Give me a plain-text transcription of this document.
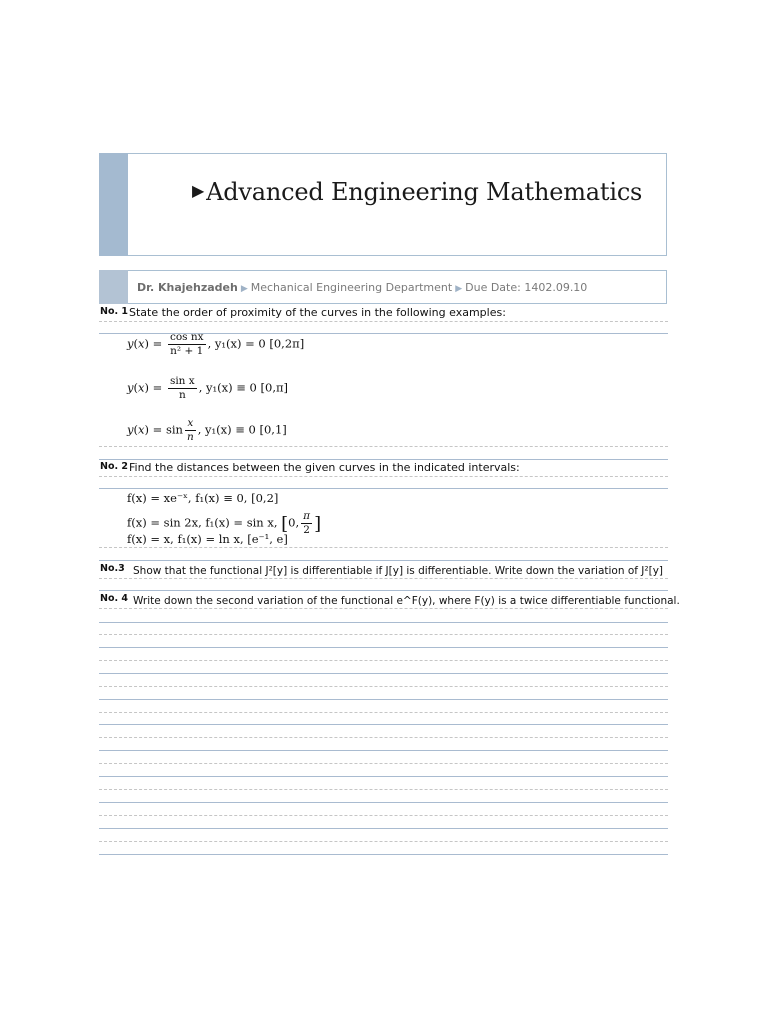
▶Advanced Engineering Mathematics
Dr. Khajehzadeh ▶ Mechanical Engineering Department ▶ Due Date: 1402.09.10
No. 1 State the order of proximity of the curves in the following examples:
$y(x) = \frac{\text{cos nx}}{\text{n² + 1}}$ , y₁(x) = 0 [0,2π]
$y(x) = \frac{\text{sin x}}{n}$ , y₁(x) ≡ 0 [0,π]
$y(x) = \sin \frac{x}{n}$ , y₁(x) ≡ 0 [0,1]
No. 2 Find the distances between the given curves in the indicated intervals:
f(x) = xe⁻ˣ, f₁(x) ≡ 0, [0,2]
f(x) = sin 2x, f₁(x) = sin x, [0, $\frac{\pi}{2}$ ]
f(x) = x, f₁(x) = ln x, [e⁻¹, e]
No.3 Show that the functional J²[y] is differentiable if J[y] is differentiable. Write down the variation of J²[y]
No. 4 Write down the second variation of the functional e^F(y), where F(y) is a twice differentiable functional.
